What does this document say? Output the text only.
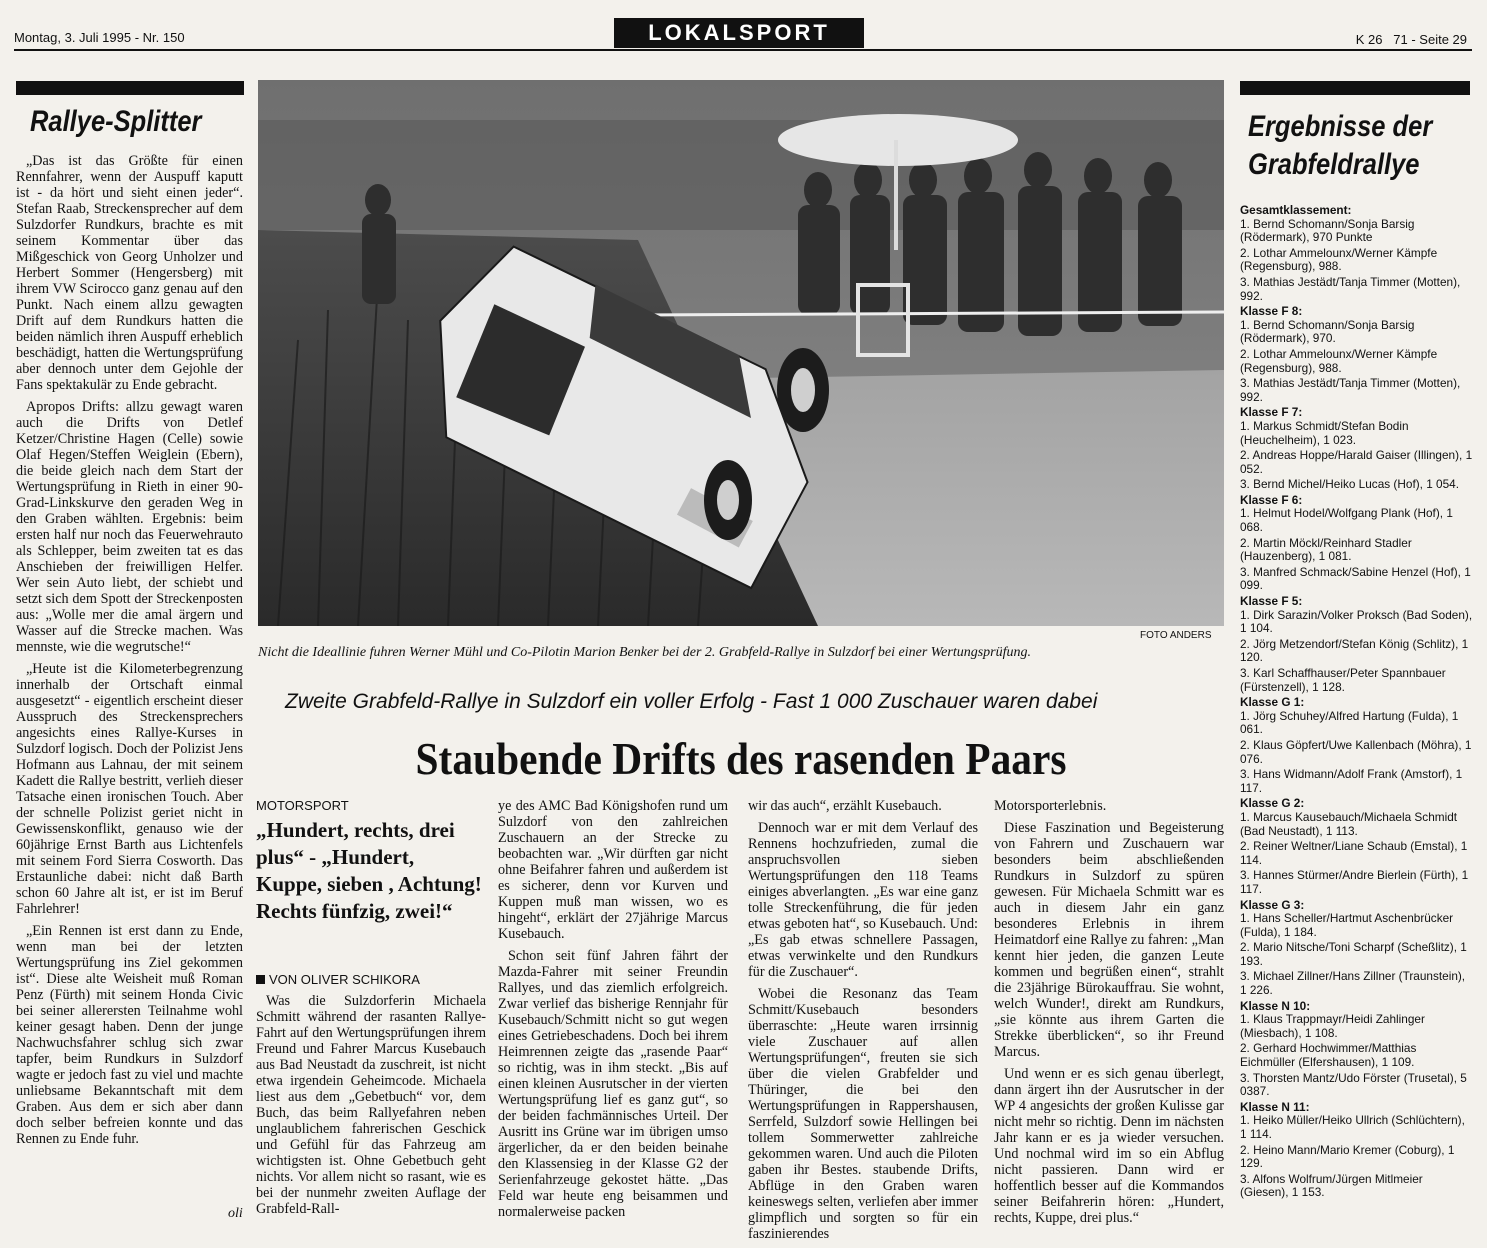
Montag, 3. Juli 1995 - Nr. 150	LOKALSPORT	K 26   71 - Seite 29
Rallye-Splitter

„Das ist das Größte für einen Rennfahrer, wenn der Auspuff kaputt ist - da hört und sieht einen jeder“. Stefan Raab, Streckensprecher auf dem Sulzdorfer Rundkurs, brachte es mit seinem Kommentar über das Mißgeschick von Georg Unholzer und Herbert Sommer (Hengersberg) mit ihrem VW Scirocco ganz genau auf den Punkt. Nach einem allzu gewagten Drift auf dem Rundkurs hatten die beiden nämlich ihren Auspuff erheblich beschädigt, hatten die Wertungsprüfung aber dennoch unter dem Gejohle der Fans spektakulär zu Ende gebracht.

Apropos Drifts: allzu gewagt waren auch die Drifts von Detlef Ketzer/Christine Hagen (Celle) sowie Olaf Hegen/Steffen Weiglein (Ebern), die beide gleich nach dem Start der Wertungsprüfung in Rieth in einer 90-Grad-Linkskurve den geraden Weg in den Graben wählten. Ergebnis: beim ersten half nur noch das Feuerwehrauto als Schlepper, beim zweiten tat es das Anschieben der freiwilligen Helfer. Wer sein Auto liebt, der schiebt und setzt sich dem Spott der Streckenposten aus: „Wolle mer die amal ärgern und Wasser auf die Strecke machen. Was mennste, wie die wegrutsche!“

„Heute ist die Kilometerbegrenzung innerhalb der Ortschaft einmal ausgesetzt“ - eigentlich erscheint dieser Ausspruch des Streckensprechers angesichts eines Rallye-Kurses in Sulzdorf logisch. Doch der Polizist Jens Hofmann aus Lahnau, der mit seinem Kadett die Rallye bestritt, verlieh dieser Tatsache einen ironischen Touch. Aber der schnelle Polizist geriet nicht in Gewissenskonflikt, genauso wie der 60jährige Ernst Barth aus Lichtenfels mit seinem Ford Sierra Cosworth. Das Erstaunliche dabei: nicht daß Barth schon 60 Jahre alt ist, er ist im Beruf Fahrlehrer!

„Ein Rennen ist erst dann zu Ende, wenn man bei der letzten Wertungsprüfung ins Ziel gekommen ist“. Diese alte Weisheit muß Roman Penz (Fürth) mit seinem Honda Civic bei seiner allerersten Teilnahme wohl keiner gesagt haben. Denn der junge Nachwuchsfahrer schlug sich zwar tapfer, beim Rundkurs in Sulzdorf wagte er jedoch fast zu viel und machte unliebsame Bekanntschaft mit dem Graben. Aus dem er sich aber dann doch selber befreien konnte und das Rennen zu Ende fuhr.

oli
FOTO ANDERS
Nicht die Ideallinie fuhren Werner Mühl und Co-Pilotin Marion Benker bei der 2. Grabfeld-Rallye in Sulzdorf bei einer Wertungsprüfung.
Zweite Grabfeld-Rallye in Sulzdorf ein voller Erfolg - Fast 1 000 Zuschauer waren dabei
Staubende Drifts des rasenden Paars
MOTORSPORT
„Hundert, rechts, drei plus“ - „Hundert, Kuppe, sieben , Achtung! Rechts fünfzig, zwei!“
VON OLIVER SCHIKORA

Was die Sulzdorferin Michaela Schmitt während der rasanten Rallye-Fahrt auf den Wertungsprüfungen ihrem Freund und Fahrer Marcus Kusebauch aus Bad Neustadt da zuschreit, ist nicht etwa irgendein Geheimcode. Michaela liest aus dem „Gebetbuch“ vor, dem Buch, das beim Rallyefahren neben unglaublichem fahrerischen Geschick und Gefühl für das Fahrzeug am wichtigsten ist. Ohne Gebetbuch geht nichts. Vor allem nicht so rasant, wie es bei der nunmehr zweiten Auflage der Grabfeld-Rall-

ye des AMC Bad Königshofen rund um Sulzdorf von den zahlreichen Zuschauern an der Strecke zu beobachten war. „Wir dürften gar nicht ohne Beifahrer fahren und außerdem ist es sicherer, denn vor Kurven und Kuppen muß man wissen, wo es hingeht“, erklärt der 27jährige Marcus Kusebauch.

Schon seit fünf Jahren fährt der Mazda-Fahrer mit seiner Freundin Rallyes, und das ziemlich erfolgreich. Zwar verlief das bisherige Rennjahr für Kusebauch/Schmitt nicht so gut wegen eines Getriebeschadens. Doch bei ihrem Heimrennen zeigte das „rasende Paar“ so richtig, was in ihm steckt. „Bis auf einen kleinen Ausrutscher in der vierten Wertungsprüfung lief es ganz gut“, so der beiden fachmännisches Urteil. Der Ausritt ins Grüne war im übrigen umso ärgerlicher, da er den beiden beinahe den Klassensieg in der Klasse G2 der Serienfahrzeuge gekostet hätte. „Das Feld war heute eng beisammen und normalerweise packen

wir das auch“, erzählt Kusebauch.

Dennoch war er mit dem Verlauf des Rennens hochzufrieden, zumal die anspruchsvollen sieben Wertungsprüfungen den 118 Teams einiges abverlangten. „Es war eine ganz tolle Streckenführung, die für jeden etwas geboten hat“, so Kusebauch. Und: „Es gab etwas schnellere Passagen, etwas verwinkelte und den Rundkurs für die Zuschauer“.

Wobei die Resonanz das Team Schmitt/Kusebauch besonders überraschte: „Heute waren irrsinnig viele Zuschauer auf allen Wertungsprüfungen“, freuten sie sich über die vielen Grabfelder und Thüringer, die bei den Wertungsprüfungen in Rappershausen, Serrfeld, Sulzdorf sowie Hellingen bei tollem Sommerwetter zahlreiche gekommen waren. Und auch die Piloten gaben ihr Bestes. staubende Drifts, Abflüge in den Graben waren keineswegs selten, verliefen aber immer glimpflich und sorgten so für ein faszinierendes

Motorsporterlebnis.

Diese Faszination und Begeisterung von Fahrern und Zuschauern war besonders beim abschließenden Rundkurs in Sulzdorf zu spüren gewesen. Für Michaela Schmitt war es auch in diesem Jahr ein ganz besonderes Erlebnis in ihrem Heimatdorf eine Rallye zu fahren: „Man kennt hier jeden, die ganzen Leute kommen und begrüßen einen“, strahlt die 23jährige Bürokauffrau. Sie wohnt, welch Wunder!, direkt am Rundkurs, „sie könnte aus ihrem Garten die Strekke überblicken“, so ihr Freund Marcus.

Und wenn er es sich genau überlegt, dann ärgert ihn der Ausrutscher in der WP 4 angesichts der großen Kulisse gar nicht mehr so richtig. Denn im nächsten Jahr kann er es ja wieder versuchen. Und nochmal wird im so ein Abflug nicht passieren. Dann wird er hoffentlich besser auf die Kommandos seiner Beifahrerin hören: „Hundert, rechts, Kuppe, drei plus.“

Ergebnisse der Grabfeldrallye
Gesamtklassement:
1. Bernd Schomann/Sonja Barsig (Rödermark), 970 Punkte
2. Lothar Ammelounx/Werner Kämpfe (Regensburg), 988.
3. Mathias Jestädt/Tanja Timmer (Motten), 992.
Klasse F 8:
1. Bernd Schomann/Sonja Barsig (Rödermark), 970.
2. Lothar Ammelounx/Werner Kämpfe (Regensburg), 988.
3. Mathias Jestädt/Tanja Timmer (Motten), 992.
Klasse F 7:
1. Markus Schmidt/Stefan Bodin (Heuchelheim), 1 023.
2. Andreas Hoppe/Harald Gaiser (Illingen), 1 052.
3. Bernd Michel/Heiko Lucas (Hof), 1 054.
Klasse F 6:
1. Helmut Hodel/Wolfgang Plank (Hof), 1 068.
2. Martin Möckl/Reinhard Stadler (Hauzenberg), 1 081.
3. Manfred Schmack/Sabine Henzel (Hof), 1 099.
Klasse F 5:
1. Dirk Sarazin/Volker Proksch (Bad Soden), 1 104.
2. Jörg Metzendorf/Stefan König (Schlitz), 1 120.
3. Karl Schaffhauser/Peter Spannbauer (Fürstenzell), 1 128.
Klasse G 1:
1. Jörg Schuhey/Alfred Hartung (Fulda), 1 061.
2. Klaus Göpfert/Uwe Kallenbach (Möhra), 1 076.
3. Hans Widmann/Adolf Frank (Amstorf), 1 117.
Klasse G 2:
1. Marcus Kausebauch/Michaela Schmidt (Bad Neustadt), 1 113.
2. Reiner Weltner/Liane Schaub (Emstal), 1 114.
3. Hannes Stürmer/Andre Bierlein (Fürth), 1 117.
Klasse G 3:
1. Hans Scheller/Hartmut Aschenbrücker (Fulda), 1 184.
2. Mario Nitsche/Toni Scharpf (Scheßlitz), 1 193.
3. Michael Zillner/Hans Zillner (Traunstein), 1 226.
Klasse N 10:
1. Klaus Trappmayr/Heidi Zahlinger (Miesbach), 1 108.
2. Gerhard Hochwimmer/Matthias Eichmüller (Elfershausen), 1 109.
3. Thorsten Mantz/Udo Förster (Trusetal), 5 0387.
Klasse N 11:
1. Heiko Müller/Heiko Ullrich (Schlüchtern), 1 114.
2. Heino Mann/Mario Kremer (Coburg), 1 129.
3. Alfons Wolfrum/Jürgen Mitlmeier (Giesen), 1 153.
